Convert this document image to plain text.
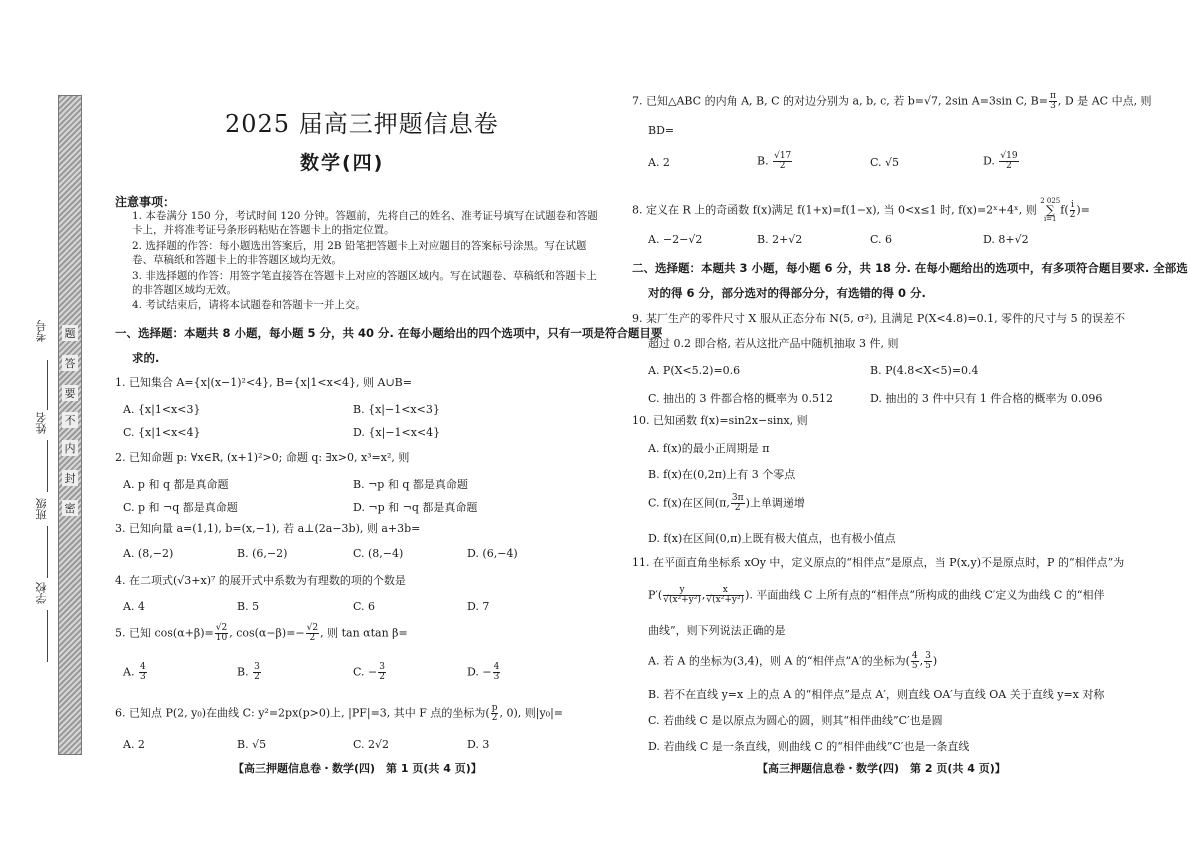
考号
姓名
班级
学校
题
答
要
不
内
封
密
2025 届高三押题信息卷
数学(四)
注意事项：
1. 本卷满分 150 分，考试时间 120 分钟。答题前，先将自己的姓名、准考证号填写在试题卷和答题卡上，并将准考证号条形码粘贴在答题卡上的指定位置。
2. 选择题的作答：每小题选出答案后，用 2B 铅笔把答题卡上对应题目的答案标号涂黑。写在试题卷、草稿纸和答题卡上的非答题区域均无效。
3. 非选择题的作答：用签字笔直接答在答题卡上对应的答题区域内。写在试题卷、草稿纸和答题卡上的非答题区域均无效。
4. 考试结束后，请将本试题卷和答题卡一并上交。
一、选择题：本题共 8 小题，每小题 5 分，共 40 分. 在每小题给出的四个选项中，只有一项是符合题目要
求的.
1. 已知集合 A={x|(x−1)²<4}, B={x|1<x<4}, 则 A∪B=
A. {x|1<x<3}	B. {x|−1<x<3}
C. {x|1<x<4}	D. {x|−1<x<4}
2. 已知命题 p: ∀x∈R, (x+1)²>0; 命题 q: ∃x>0, x³=x², 则
A. p 和 q 都是真命题	B. ¬p 和 q 都是真命题
C. p 和 ¬q 都是真命题	D. ¬p 和 ¬q 都是真命题
3. 已知向量 a=(1,1), b=(x,−1), 若 a⊥(2a−3b), 则 a+3b=
A. (8,−2)	B. (6,−2)	C. (8,−4)	D. (6,−4)
4. 在二项式(√3+x)⁷ 的展开式中系数为有理数的项的个数是
A. 4	B. 5	C. 6	D. 7
5. 已知 $\cos(\alpha+\beta)= \frac{√2}{10}$ , $\cos(\alpha-\beta)=- \frac{√2}{2}$ , 则 tan αtan β=
A. $\frac{4}{3}$	B. $\frac{3}{2}$	C. − $\frac{3}{2}$	D. − $\frac{4}{3}$
6. 已知点 P(2, y₀)在曲线 C: y²=2px(p>0)上, |PF|=3, 其中 F 点的坐标为( $\frac{p}{2}$ , 0), 则|y₀|=
A. 2	B. √5	C. 2√2	D. 3
【高三押题信息卷・数学(四)　第 1 页(共 4 页)】
7. 已知△ABC 的内角 A, B, C 的对边分别为 a, b, c, 若 b=√7, 2sin A=3sin C, $B= \frac{\pi}{3}$ , D 是 AC 中点, 则
BD=
A. 2	B. $\frac{√17}{2}$	C. √5	D. $\frac{√19}{2}$
8. 定义在 R 上的奇函数 f(x)满足 f(1+x)=f(1−x), 当 0<x≤1 时, f(x)=2ˣ+4ˣ, 则
2 025
∑
i=1
$f( \frac{i}{2}$ )=
A. −2−√2	B. 2+√2	C. 6	D. 8+√2
二、选择题：本题共 3 小题，每小题 6 分，共 18 分. 在每小题给出的选项中，有多项符合题目要求. 全部选
对的得 6 分，部分选对的得部分分，有选错的得 0 分.
9. 某厂生产的零件尺寸 X 服从正态分布 N(5, σ²), 且满足 P(X<4.8)=0.1, 零件的尺寸与 5 的误差不
超过 0.2 即合格, 若从这批产品中随机抽取 3 件, 则
A. P(X<5.2)=0.6	B. P(4.8<X<5)=0.4
C. 抽出的 3 件都合格的概率为 0.512	D. 抽出的 3 件中只有 1 件合格的概率为 0.096
10. 已知函数 f(x)=sin2x−sinx, 则
A. f(x)的最小正周期是 π
B. f(x)在(0,2π)上有 3 个零点
C. f(x)在区间(π, $\frac{3\pi}{2}$ )上单调递增
D. f(x)在区间(0,π)上既有极大值点，也有极小值点
11. 在平面直角坐标系 xOy 中，定义原点的“相伴点”是原点，当 P(x,y)不是原点时，P 的“相伴点”为
$P'( \frac{y}{\text{√(x²+y²)}}$ , $\frac{x}{\text{√(x²+y²)}}$ ). 平面曲线 C 上所有点的“相伴点”所构成的曲线 C′定义为曲线 C 的“相伴
曲线”，则下列说法正确的是
A. 若 A 的坐标为(3,4)，则 A 的“相伴点”A′的坐标为( $\frac{4}{5}$ , $\frac{3}{5}$ )
B. 若不在直线 y=x 上的点 A 的“相伴点”是点 A′，则直线 OA′与直线 OA 关于直线 y=x 对称
C. 若曲线 C 是以原点为圆心的圆，则其“相伴曲线”C′也是圆
D. 若曲线 C 是一条直线，则曲线 C 的“相伴曲线”C′也是一条直线
【高三押题信息卷・数学(四)　第 2 页(共 4 页)】
